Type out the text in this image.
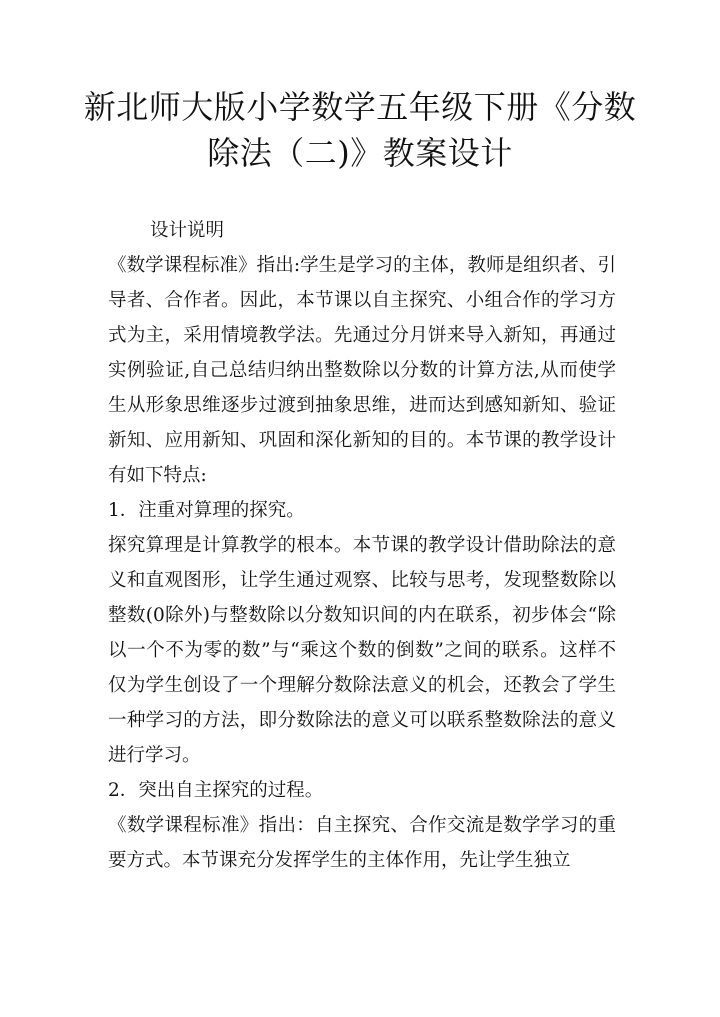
新北师大版小学数学五年级下册《分数除法（二)》教案设计

设计说明

《数学课程标准》指出:学生是学习的主体，教师是组织者、引导者、合作者。因此，本节课以自主探究、小组合作的学习方式为主，采用情境教学法。先通过分月饼来导入新知，再通过实例验证,自己总结归纳出整数除以分数的计算方法,从而使学生从形象思维逐步过渡到抽象思维，进而达到感知新知、验证新知、应用新知、巩固和深化新知的目的。本节课的教学设计有如下特点:

1．注重对算理的探究。

探究算理是计算教学的根本。本节课的教学设计借助除法的意义和直观图形，让学生通过观察、比较与思考，发现整数除以整数(0除外)与整数除以分数知识间的内在联系，初步体会“除以一个不为零的数”与“乘这个数的倒数”之间的联系。这样不仅为学生创设了一个理解分数除法意义的机会，还教会了学生一种学习的方法，即分数除法的意义可以联系整数除法的意义进行学习。

2．突出自主探究的过程。

《数学课程标准》指出：自主探究、合作交流是数学学习的重要方式。本节课充分发挥学生的主体作用，先让学生独立
